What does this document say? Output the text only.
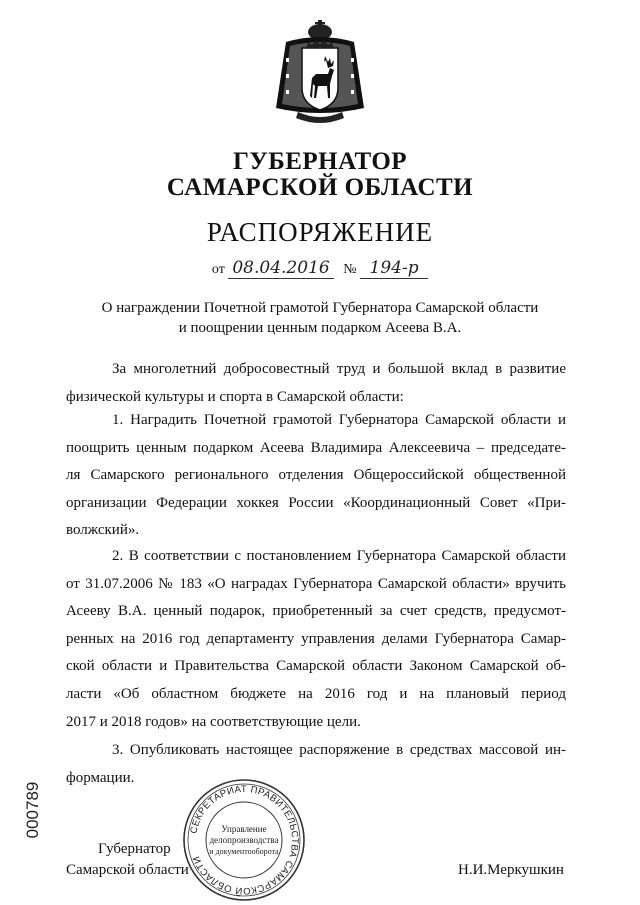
ГУБЕРНАТОР
САМАРСКОЙ ОБЛАСТИ
РАСПОРЯЖЕНИЕ
от 08.04.2016 № 194-р
О награждении Почетной грамотой Губернатора Самарской области
и поощрении ценным подарком Асеева В.А.
За многолетний добросовестный труд и большой вклад в развитие
физической культуры и спорта в Самарской области:
1. Наградить Почетной грамотой Губернатора Самарской области и
поощрить ценным подарком Асеева Владимира Алексеевича – председате-
ля Самарского регионального отделения Общероссийской общественной
организации Федерации хоккея России «Координационный Совет «При-
волжский».
2. В соответствии с постановлением Губернатора Самарской области
от 31.07.2006 № 183 «О наградах Губернатора Самарской области» вручить
Асееву В.А. ценный подарок, приобретенный за счет средств, предусмот-
ренных на 2016 год департаменту управления делами Губернатора Самар-
ской области и Правительства Самарской области Законом Самарской об-
ласти «Об областном бюджете на 2016 год и на плановый период
2017 и 2018 годов» на соответствующие цели.
3. Опубликовать настоящее распоряжение в средствах массовой ин-
формации.
000789
Губернатор
Самарской области	Н.И.Меркушкин
СЕКРЕТАРИАТ ПРАВИТЕЛЬСТВА САМАРСКОЙ ОБЛАСТИ
Управление
делопроизводства
и документооборота
